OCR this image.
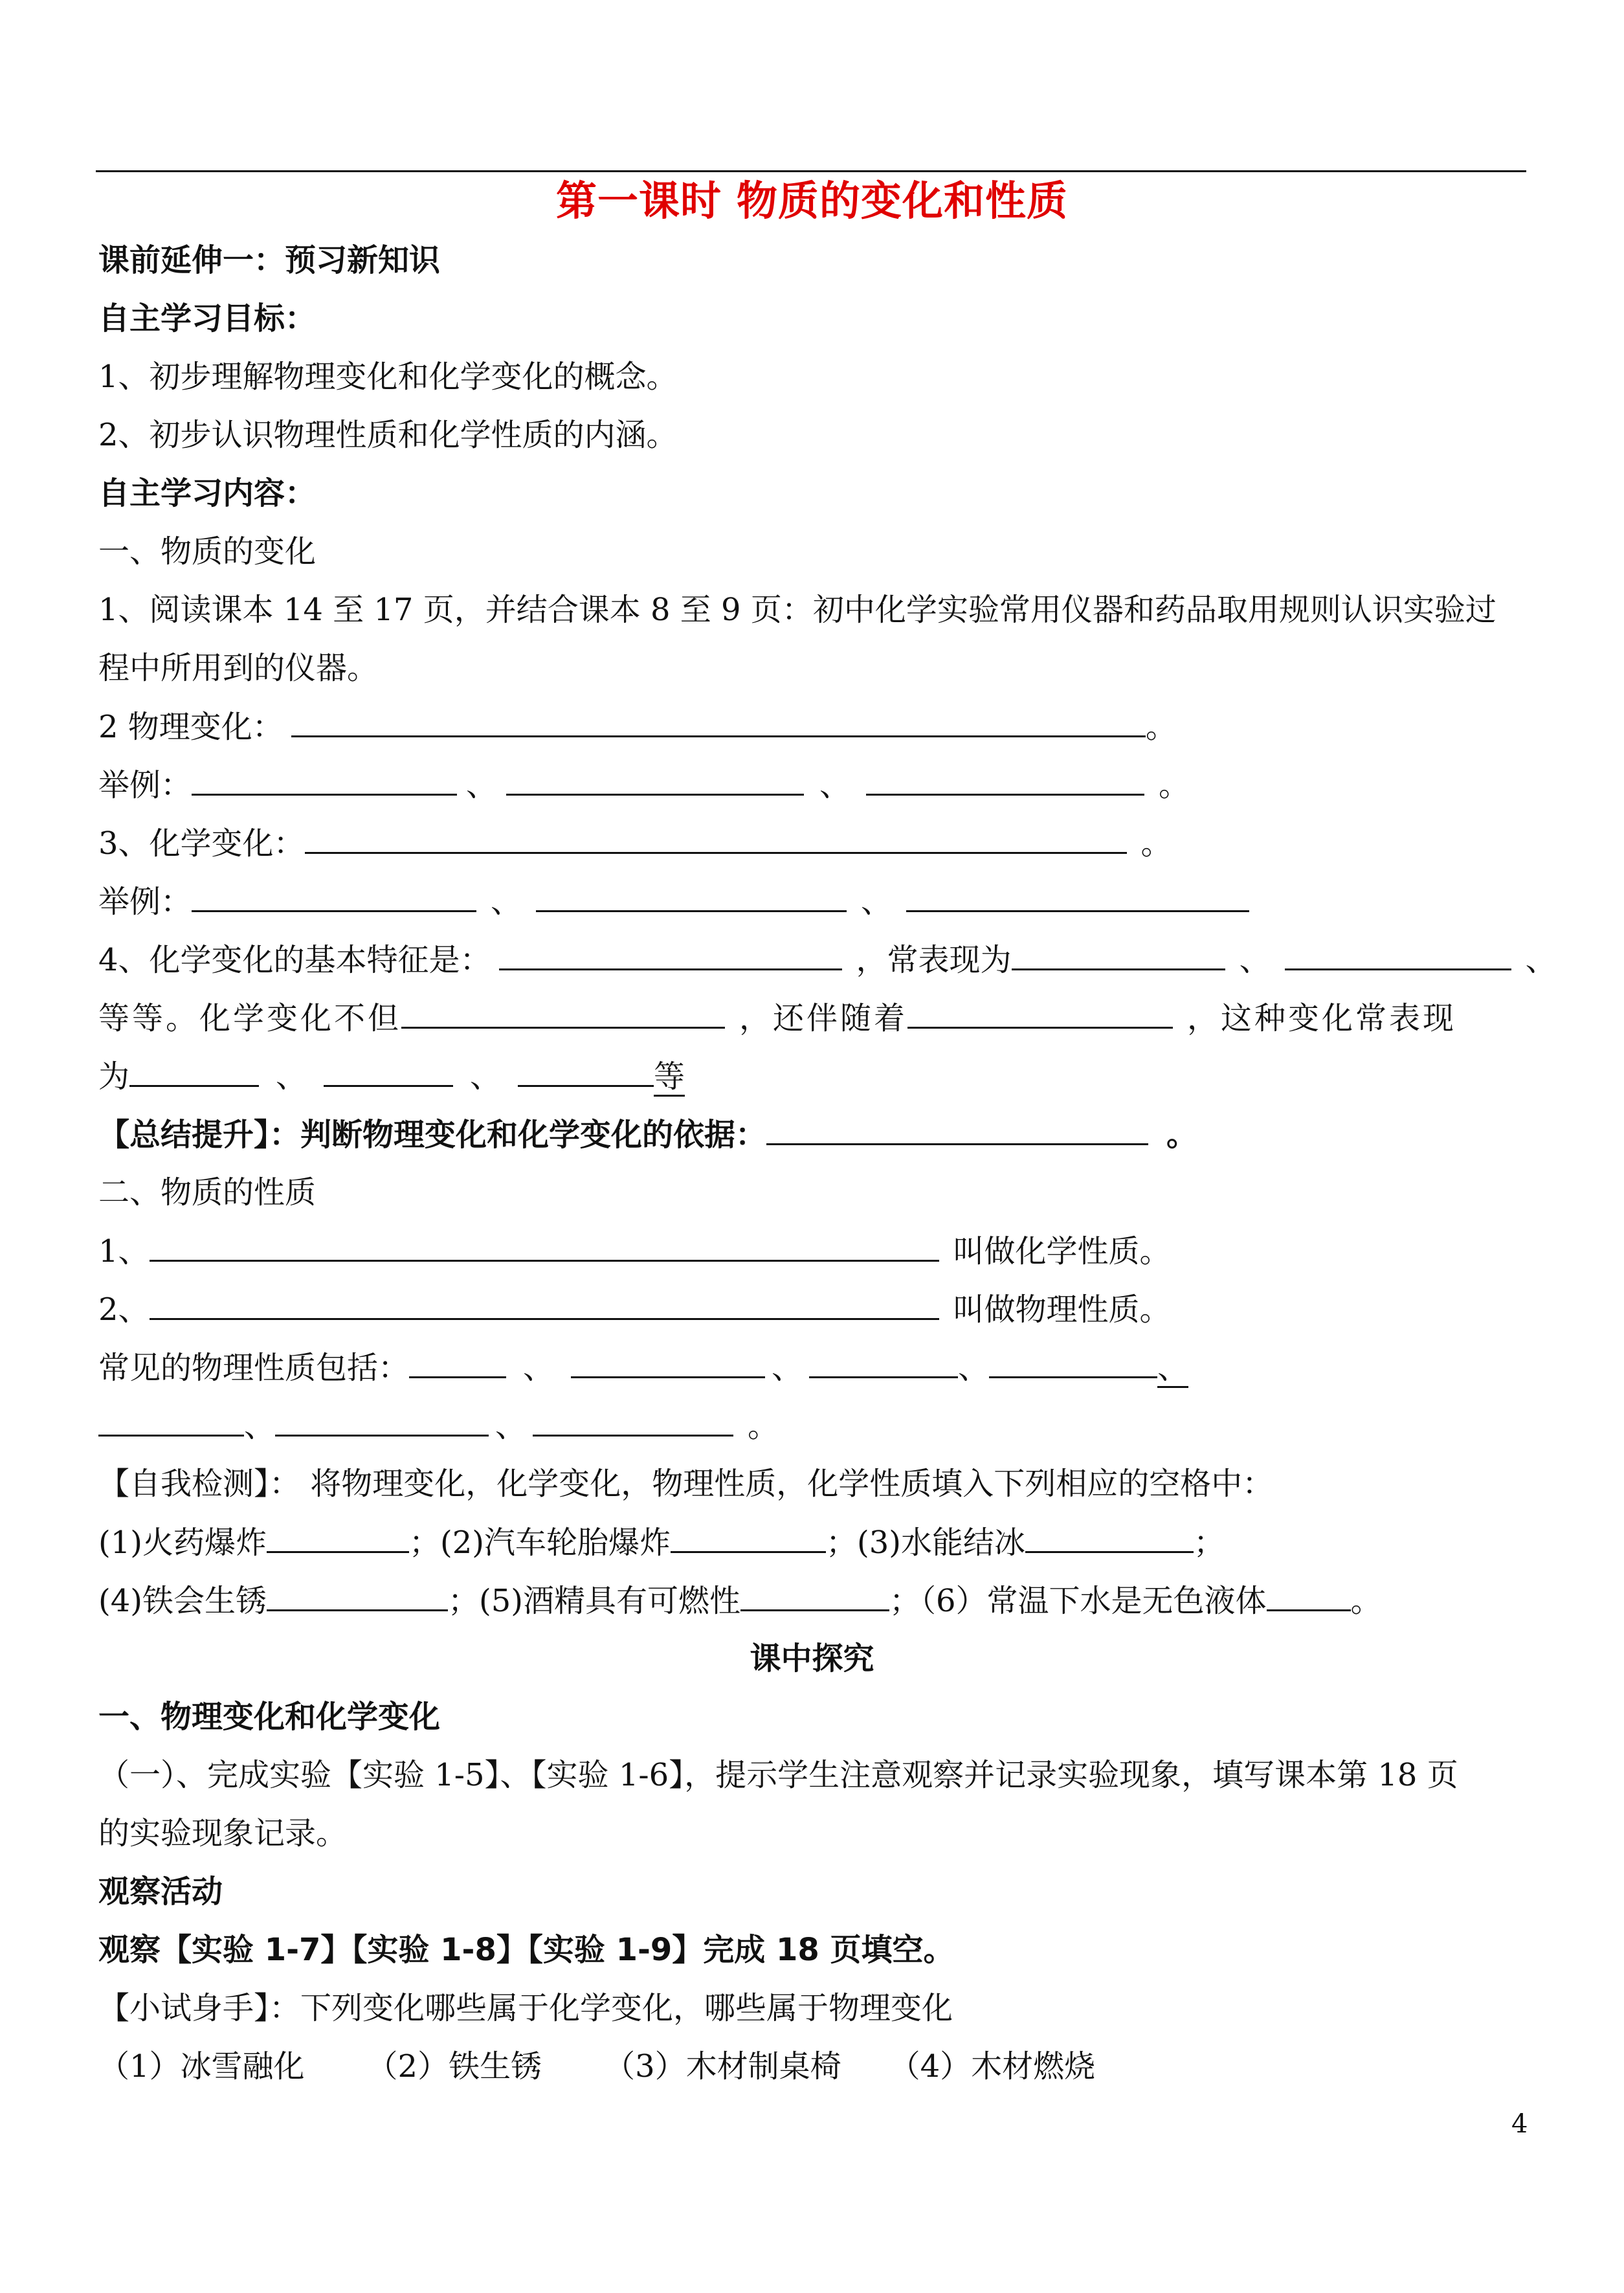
第一课时 物质的变化和性质
课前延伸一：预习新知识
自主学习目标：
1、初步理解物理变化和化学变化的概念。
2、初步认识物理性质和化学性质的内涵。
自主学习内容：
一、物质的变化
1、阅读课本 14 至 17 页，并结合课本 8 至 9 页：初中化学实验常用仪器和药品取用规则认识实验过
程中所用到的仪器。
2 物理变化：	。
举例：	、	、	。
3、化学变化：	。
举例：	、	、
4、化学变化的基本特征是：	，常表现为	、	、
等等。化学变化不但	，还伴随着	，这种变化常表现
为	、	、	等
【总结提升】：判断物理变化和化学变化的依据：	。
二、物质的性质
1、	叫做化学性质。
2、	叫做物理性质。
常见的物理性质包括：	、	、	、	、
、	、	。
【自我检测】： 将物理变化，化学变化，物理性质，化学性质填入下列相应的空格中：
(1)火药爆炸	；(2)汽车轮胎爆炸	；(3)水能结冰	；
(4)铁会生锈	；(5)酒精具有可燃性	；（6）常温下水是无色液体	。
课中探究
一、物理变化和化学变化
（一）、完成实验【实验 1-5】、【实验 1-6】，提示学生注意观察并记录实验现象，填写课本第 18 页
的实验现象记录。
观察活动
观察【实验 1-7】【实验 1-8】【实验 1-9】完成 18 页填空。
【小试身手】：下列变化哪些属于化学变化，哪些属于物理变化
（1）冰雪融化 （2）铁生锈 （3）木材制桌椅 （4）木材燃烧
4
